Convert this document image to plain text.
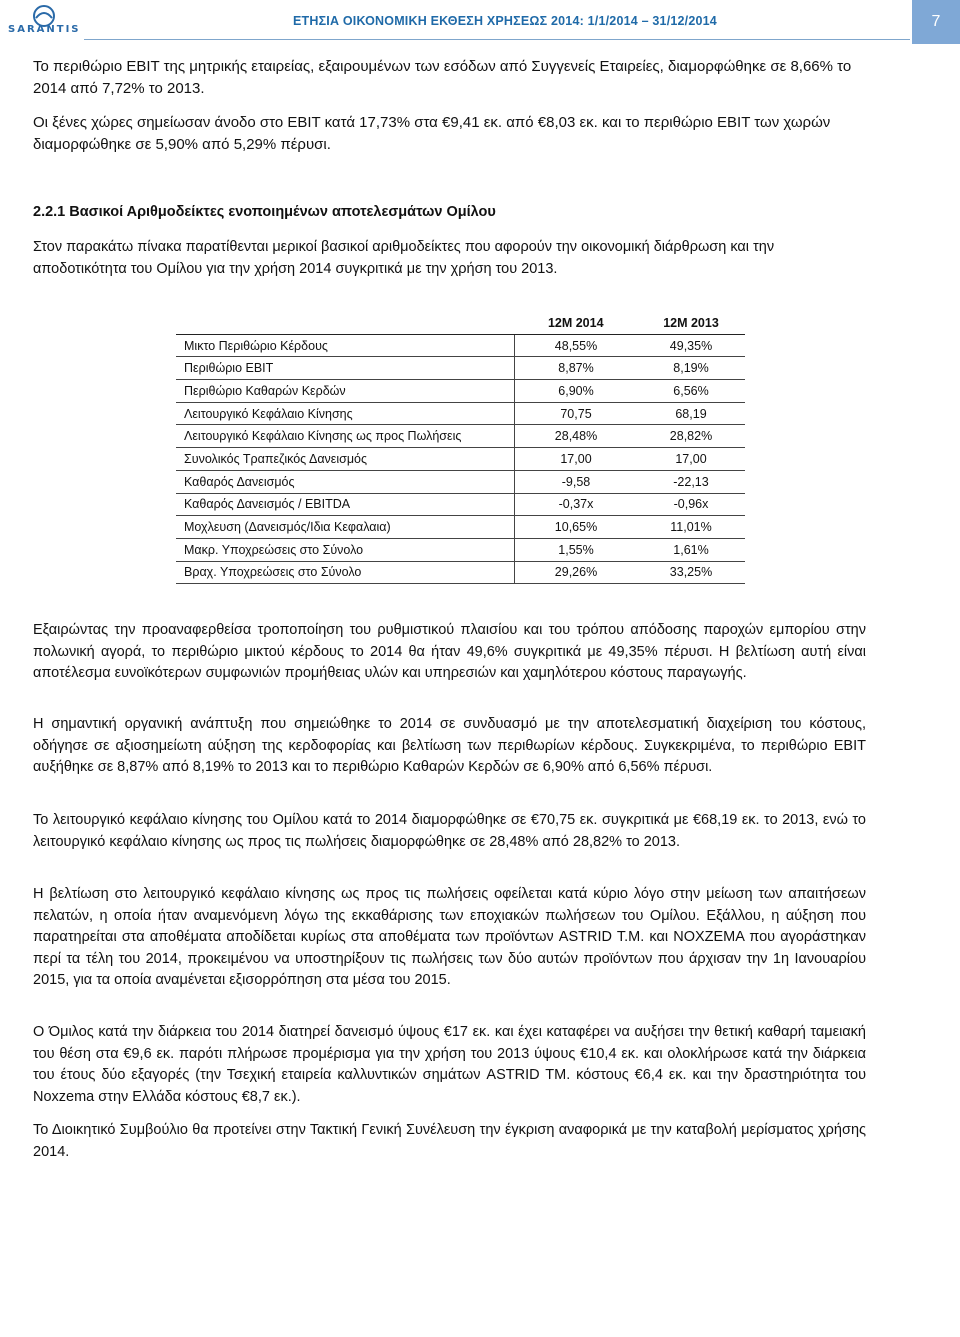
SARANTIS
ΕΤΗΣΙΑ ΟΙΚΟΝΟΜΙΚΗ ΕΚΘΕΣΗ ΧΡΗΣΕΩΣ 2014: 1/1/2014 – 31/12/2014	7
Το περιθώριο EBIT της μητρικής εταιρείας, εξαιρουμένων των εσόδων από Συγγενείς Εταιρείες, διαμορφώθηκε σε 8,66% το 2014 από 7,72% το 2013.
Οι ξένες χώρες σημείωσαν άνοδο στο EBIT κατά 17,73% στα €9,41 εκ. από €8,03 εκ. και το περιθώριο EBIT των χωρών διαμορφώθηκε σε 5,90% από 5,29% πέρυσι.
2.2.1 Βασικοί Αριθμοδείκτες ενοποιημένων αποτελεσμάτων Ομίλου
Στον παρακάτω πίνακα παρατίθενται μερικοί βασικοί αριθμοδείκτες που αφορούν την οικονομική διάρθρωση και την αποδοτικότητα του Ομίλου για την χρήση 2014 συγκριτικά με την χρήση του 2013.
	12M 2014	12M 2013
Μικτο Περιθώριο Κέρδους	48,55%	49,35%
Περιθώριο EBIT	8,87%	8,19%
Περιθώριο Καθαρών Κερδών	6,90%	6,56%
Λειτουργικό Κεφάλαιο Κίνησης	70,75	68,19
Λειτουργικό Κεφάλαιο Κίνησης ως προς Πωλήσεις	28,48%	28,82%
Συνολικός Τραπεζικός Δανεισμός	17,00	17,00
Καθαρός Δανεισμός	-9,58	-22,13
Καθαρός Δανεισμός / EBITDA	-0,37x	-0,96x
Μοχλευση (Δανεισμός/Ιδια Κεφαλαια)	10,65%	11,01%
Μακρ. Υποχρεώσεις στο Σύνολο	1,55%	1,61%
Βραχ. Υποχρεώσεις στο Σύνολο	29,26%	33,25%
Εξαιρώντας την προαναφερθείσα τροποποίηση του ρυθμιστικού πλαισίου και του τρόπου απόδοσης παροχών εμπορίου στην πολωνική αγορά, το περιθώριο μικτού κέρδους το 2014 θα ήταν 49,6% συγκριτικά με 49,35% πέρυσι. Η βελτίωση αυτή είναι αποτέλεσμα ευνοϊκότερων συμφωνιών προμήθειας υλών και υπηρεσιών και χαμηλότερου κόστους παραγωγής.
Η σημαντική οργανική ανάπτυξη που σημειώθηκε το 2014 σε συνδυασμό με την αποτελεσματική διαχείριση του κόστους, οδήγησε σε αξιοσημείωτη αύξηση της κερδοφορίας και βελτίωση των περιθωρίων κέρδους. Συγκεκριμένα, το περιθώριο EBIT αυξήθηκε σε 8,87% από 8,19% το 2013 και το περιθώριο Καθαρών Κερδών σε 6,90% από 6,56% πέρυσι.
Το λειτουργικό κεφάλαιο κίνησης του Ομίλου κατά το 2014 διαμορφώθηκε σε €70,75 εκ. συγκριτικά με €68,19 εκ. το 2013, ενώ το λειτουργικό κεφάλαιο κίνησης ως προς τις πωλήσεις διαμορφώθηκε σε 28,48% από 28,82% το 2013.
Η βελτίωση στο λειτουργικό κεφάλαιο κίνησης ως προς τις πωλήσεις οφείλεται κατά κύριο λόγο στην μείωση των απαιτήσεων πελατών, η οποία ήταν αναμενόμενη λόγω της εκκαθάρισης των εποχιακών πωλήσεων του Ομίλου. Εξάλλου, η αύξηση που παρατηρείται στα αποθέματα αποδίδεται κυρίως στα αποθέματα των προϊόντων ASTRID T.M. και NOXZEMA που αγοράστηκαν περί τα τέλη του 2014, προκειμένου να υποστηρίξουν τις πωλήσεις των δύο αυτών προϊόντων που άρχισαν την 1η Ιανουαρίου 2015, για τα οποία αναμένεται εξισορρόπηση στα μέσα του 2015.
Ο Όμιλος κατά την διάρκεια του 2014 διατηρεί δανεισμό ύψους €17 εκ. και έχει καταφέρει να αυξήσει την θετική καθαρή ταμειακή του θέση στα €9,6 εκ. παρότι πλήρωσε προμέρισμα για την χρήση του 2013 ύψους €10,4 εκ. και ολοκλήρωσε κατά την διάρκεια του έτους δύο εξαγορές (την Τσεχική εταιρεία καλλυντικών σημάτων ASTRID TM. κόστους €6,4 εκ. και την δραστηριότητα του Noxzema στην Ελλάδα κόστους €8,7 εκ.).
Το Διοικητικό Συμβούλιο θα προτείνει στην Τακτική Γενική Συνέλευση την έγκριση αναφορικά με την καταβολή μερίσματος χρήσης 2014.
